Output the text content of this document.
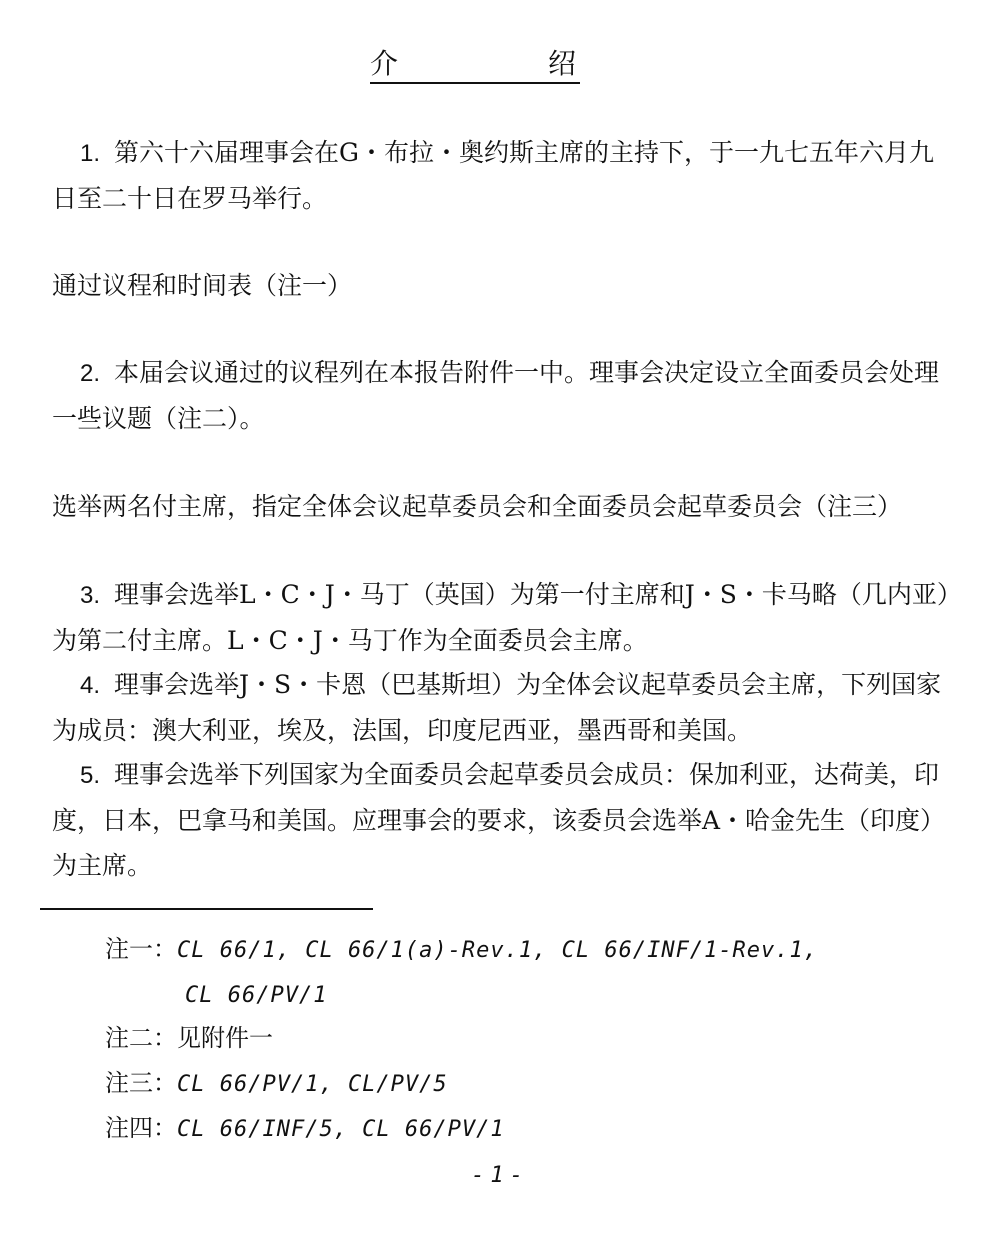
介	绍

1. 第六十六届理事会在G・布拉・奥约斯主席的主持下，于一九七五年六月九日至二十日在罗马举行。

通过议程和时间表（注一）

2. 本届会议通过的议程列在本报告附件一中。理事会决定设立全面委员会处理一些议题（注二）。

选举两名付主席，指定全体会议起草委员会和全面委员会起草委员会（注三）

3. 理事会选举L・C・J・马丁（英国）为第一付主席和J・S・卡马略（几内亚）为第二付主席。L・C・J・马丁作为全面委员会主席。

4. 理事会选举J・S・卡恩（巴基斯坦）为全体会议起草委员会主席，下列国家为成员：澳大利亚，埃及，法国，印度尼西亚，墨西哥和美国。

5. 理事会选举下列国家为全面委员会起草委员会成员：保加利亚，达荷美，印度，日本，巴拿马和美国。应理事会的要求，该委员会选举A・哈金先生（印度）为主席。

注一：CL 66/1, CL 66/1(a)-Rev.1, CL 66/INF/1-Rev.1,

CL 66/PV/1

注二：见附件一

注三：CL 66/PV/1, CL/PV/5

注四：CL 66/INF/5, CL 66/PV/1

-1-
